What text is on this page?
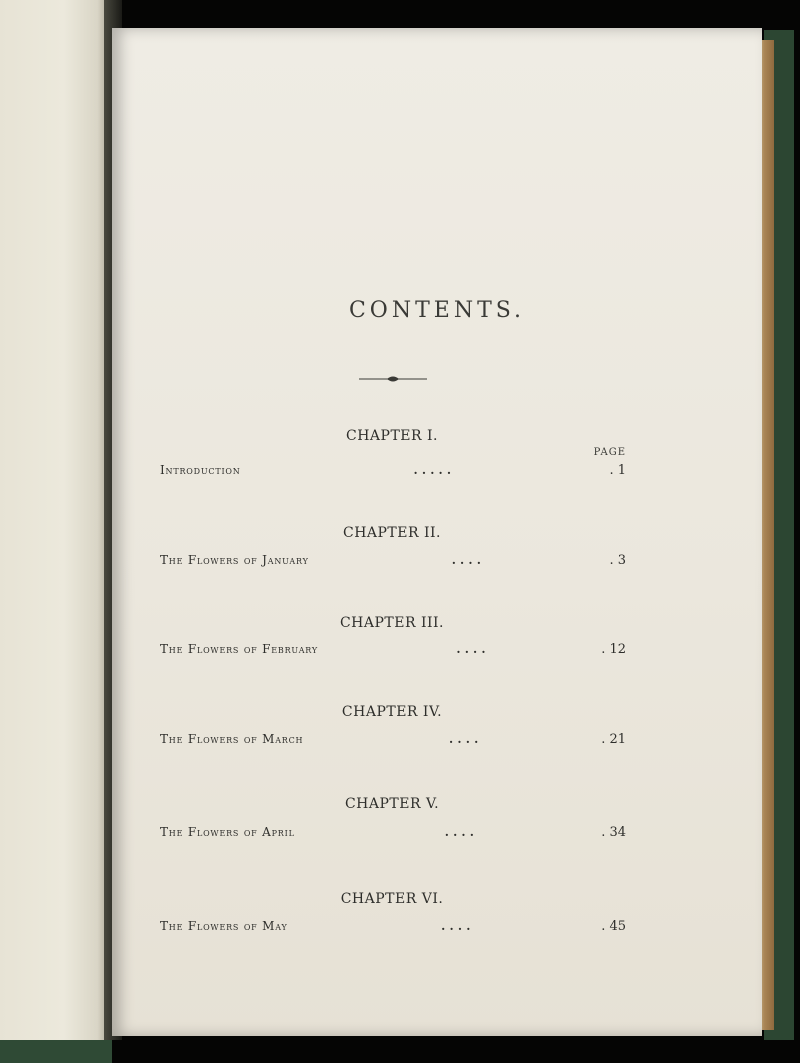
CONTENTS.
PAGE
CHAPTER I.
Introduction	. . . . .	. 1
CHAPTER II.
The Flowers of January	. . . .	. 3
CHAPTER III.
The Flowers of February	. . . .	. 12
CHAPTER IV.
The Flowers of March	. . . .	. 21
CHAPTER V.
The Flowers of April	. . . .	. 34
CHAPTER VI.
The Flowers of May	. . . .	. 45
